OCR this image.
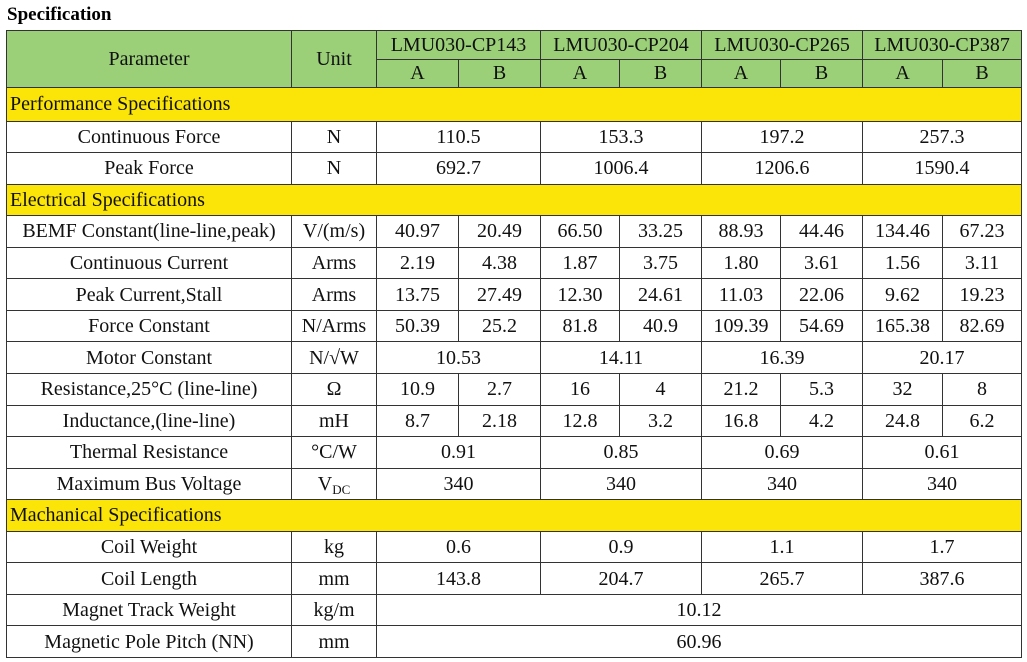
Specification
Parameter	Unit	LMU030-CP143		LMU030-CP204		LMU030-CP265		LMU030-CP387	
		A	B	A	B	A	B	A	B
Performance Specifications									
Continuous Force	N	110.5		153.3		197.2		257.3	
Peak Force	N	692.7		1006.4		1206.6		1590.4	
Electrical Specifications									
BEMF Constant(line-line,peak)	V/(m/s)	40.97	20.49	66.50	33.25	88.93	44.46	134.46	67.23
Continuous Current	Arms	2.19	4.38	1.87	3.75	1.80	3.61	1.56	3.11
Peak Current,Stall	Arms	13.75	27.49	12.30	24.61	11.03	22.06	9.62	19.23
Force Constant	N/Arms	50.39	25.2	81.8	40.9	109.39	54.69	165.38	82.69
Motor Constant	N/√W	10.53		14.11		16.39		20.17	
Resistance,25°C (line-line)	Ω	10.9	2.7	16	4	21.2	5.3	32	8
Inductance,(line-line)	mH	8.7	2.18	12.8	3.2	16.8	4.2	24.8	6.2
Thermal Resistance	°C/W	0.91		0.85		0.69		0.61	
Maximum Bus Voltage	$V_{DC}$	340		340		340		340	
Machanical Specifications									
Coil Weight	kg	0.6		0.9		1.1		1.7	
Coil Length	mm	143.8		204.7		265.7		387.6	
Magnet Track Weight	kg/m	10.12							
Magnetic Pole Pitch (NN)	mm	60.96							
